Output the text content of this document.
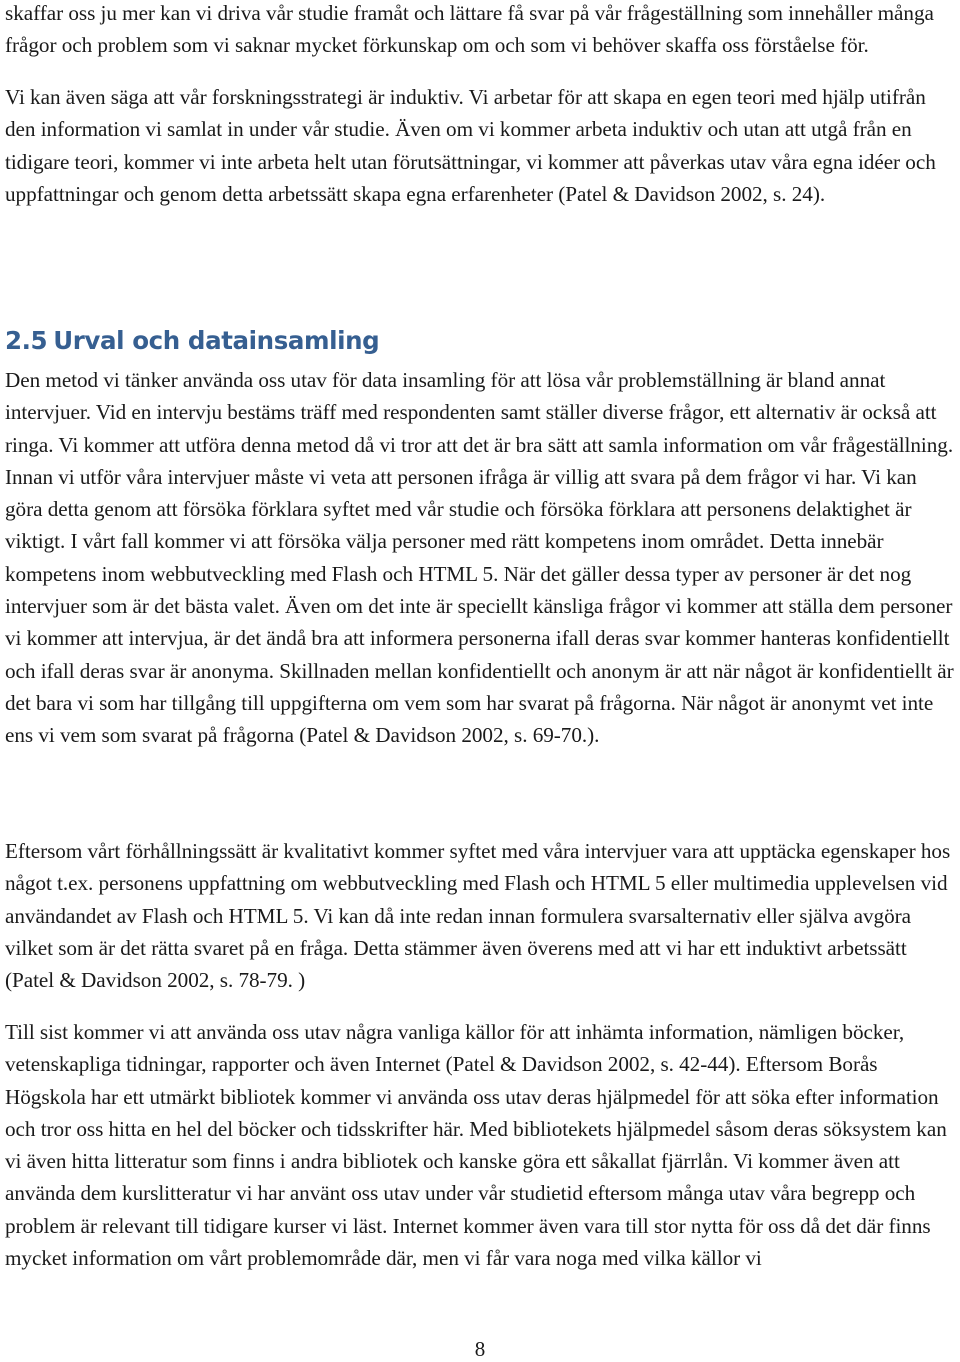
skaffar oss ju mer kan vi driva vår studie framåt och lättare få svar på vår frågeställning som innehåller många frågor och problem som vi saknar mycket förkunskap om och som vi behöver skaffa oss förståelse för.

Vi kan även säga att vår forskningsstrategi är induktiv. Vi arbetar för att skapa en egen teori med hjälp utifrån den information vi samlat in under vår studie. Även om vi kommer arbeta induktiv och utan att utgå från en tidigare teori, kommer vi inte arbeta helt utan förutsättningar, vi kommer att påverkas utav våra egna idéer och uppfattningar och genom detta arbetssätt skapa egna erfarenheter (Patel & Davidson 2002, s. 24).

2.5 Urval och datainsamling

Den metod vi tänker använda oss utav för data insamling för att lösa vår problemställning är bland annat intervjuer. Vid en intervju bestäms träff med respondenten samt ställer diverse frågor, ett alternativ är också att ringa. Vi kommer att utföra denna metod då vi tror att det är bra sätt att samla information om vår frågeställning. Innan vi utför våra intervjuer måste vi veta att personen ifråga är villig att svara på dem frågor vi har. Vi kan göra detta genom att försöka förklara syftet med vår studie och försöka förklara att personens delaktighet är viktigt. I vårt fall kommer vi att försöka välja personer med rätt kompetens inom området. Detta innebär kompetens inom webbutveckling med Flash och HTML 5. När det gäller dessa typer av personer är det nog intervjuer som är det bästa valet. Även om det inte är speciellt känsliga frågor vi kommer att ställa dem personer vi kommer att intervjua, är det ändå bra att informera personerna ifall deras svar kommer hanteras konfidentiellt och ifall deras svar är anonyma. Skillnaden mellan konfidentiellt och anonym är att när något är konfidentiellt är det bara vi som har tillgång till uppgifterna om vem som har svarat på frågorna. När något är anonymt vet inte ens vi vem som svarat på frågorna (Patel & Davidson 2002, s. 69-70.).

Eftersom vårt förhållningssätt är kvalitativt kommer syftet med våra intervjuer vara att upptäcka egenskaper hos något t.ex. personens uppfattning om webbutveckling med Flash och HTML 5 eller multimedia upplevelsen vid användandet av Flash och HTML 5. Vi kan då inte redan innan formulera svarsalternativ eller själva avgöra vilket som är det rätta svaret på en fråga. Detta stämmer även överens med att vi har ett induktivt arbetssätt (Patel & Davidson 2002, s. 78-79. )

Till sist kommer vi att använda oss utav några vanliga källor för att inhämta information, nämligen böcker, vetenskapliga tidningar, rapporter och även Internet (Patel & Davidson 2002, s. 42-44). Eftersom Borås Högskola har ett utmärkt bibliotek kommer vi använda oss utav deras hjälpmedel för att söka efter information och tror oss hitta en hel del böcker och tidsskrifter här. Med bibliotekets hjälpmedel såsom deras söksystem kan vi även hitta litteratur som finns i andra bibliotek och kanske göra ett såkallat fjärrlån. Vi kommer även att använda dem kurslitteratur vi har använt oss utav under vår studietid eftersom många utav våra begrepp och problem är relevant till tidigare kurser vi läst. Internet kommer även vara till stor nytta för oss då det där finns mycket information om vårt problemområde där, men vi får vara noga med vilka källor vi

8
